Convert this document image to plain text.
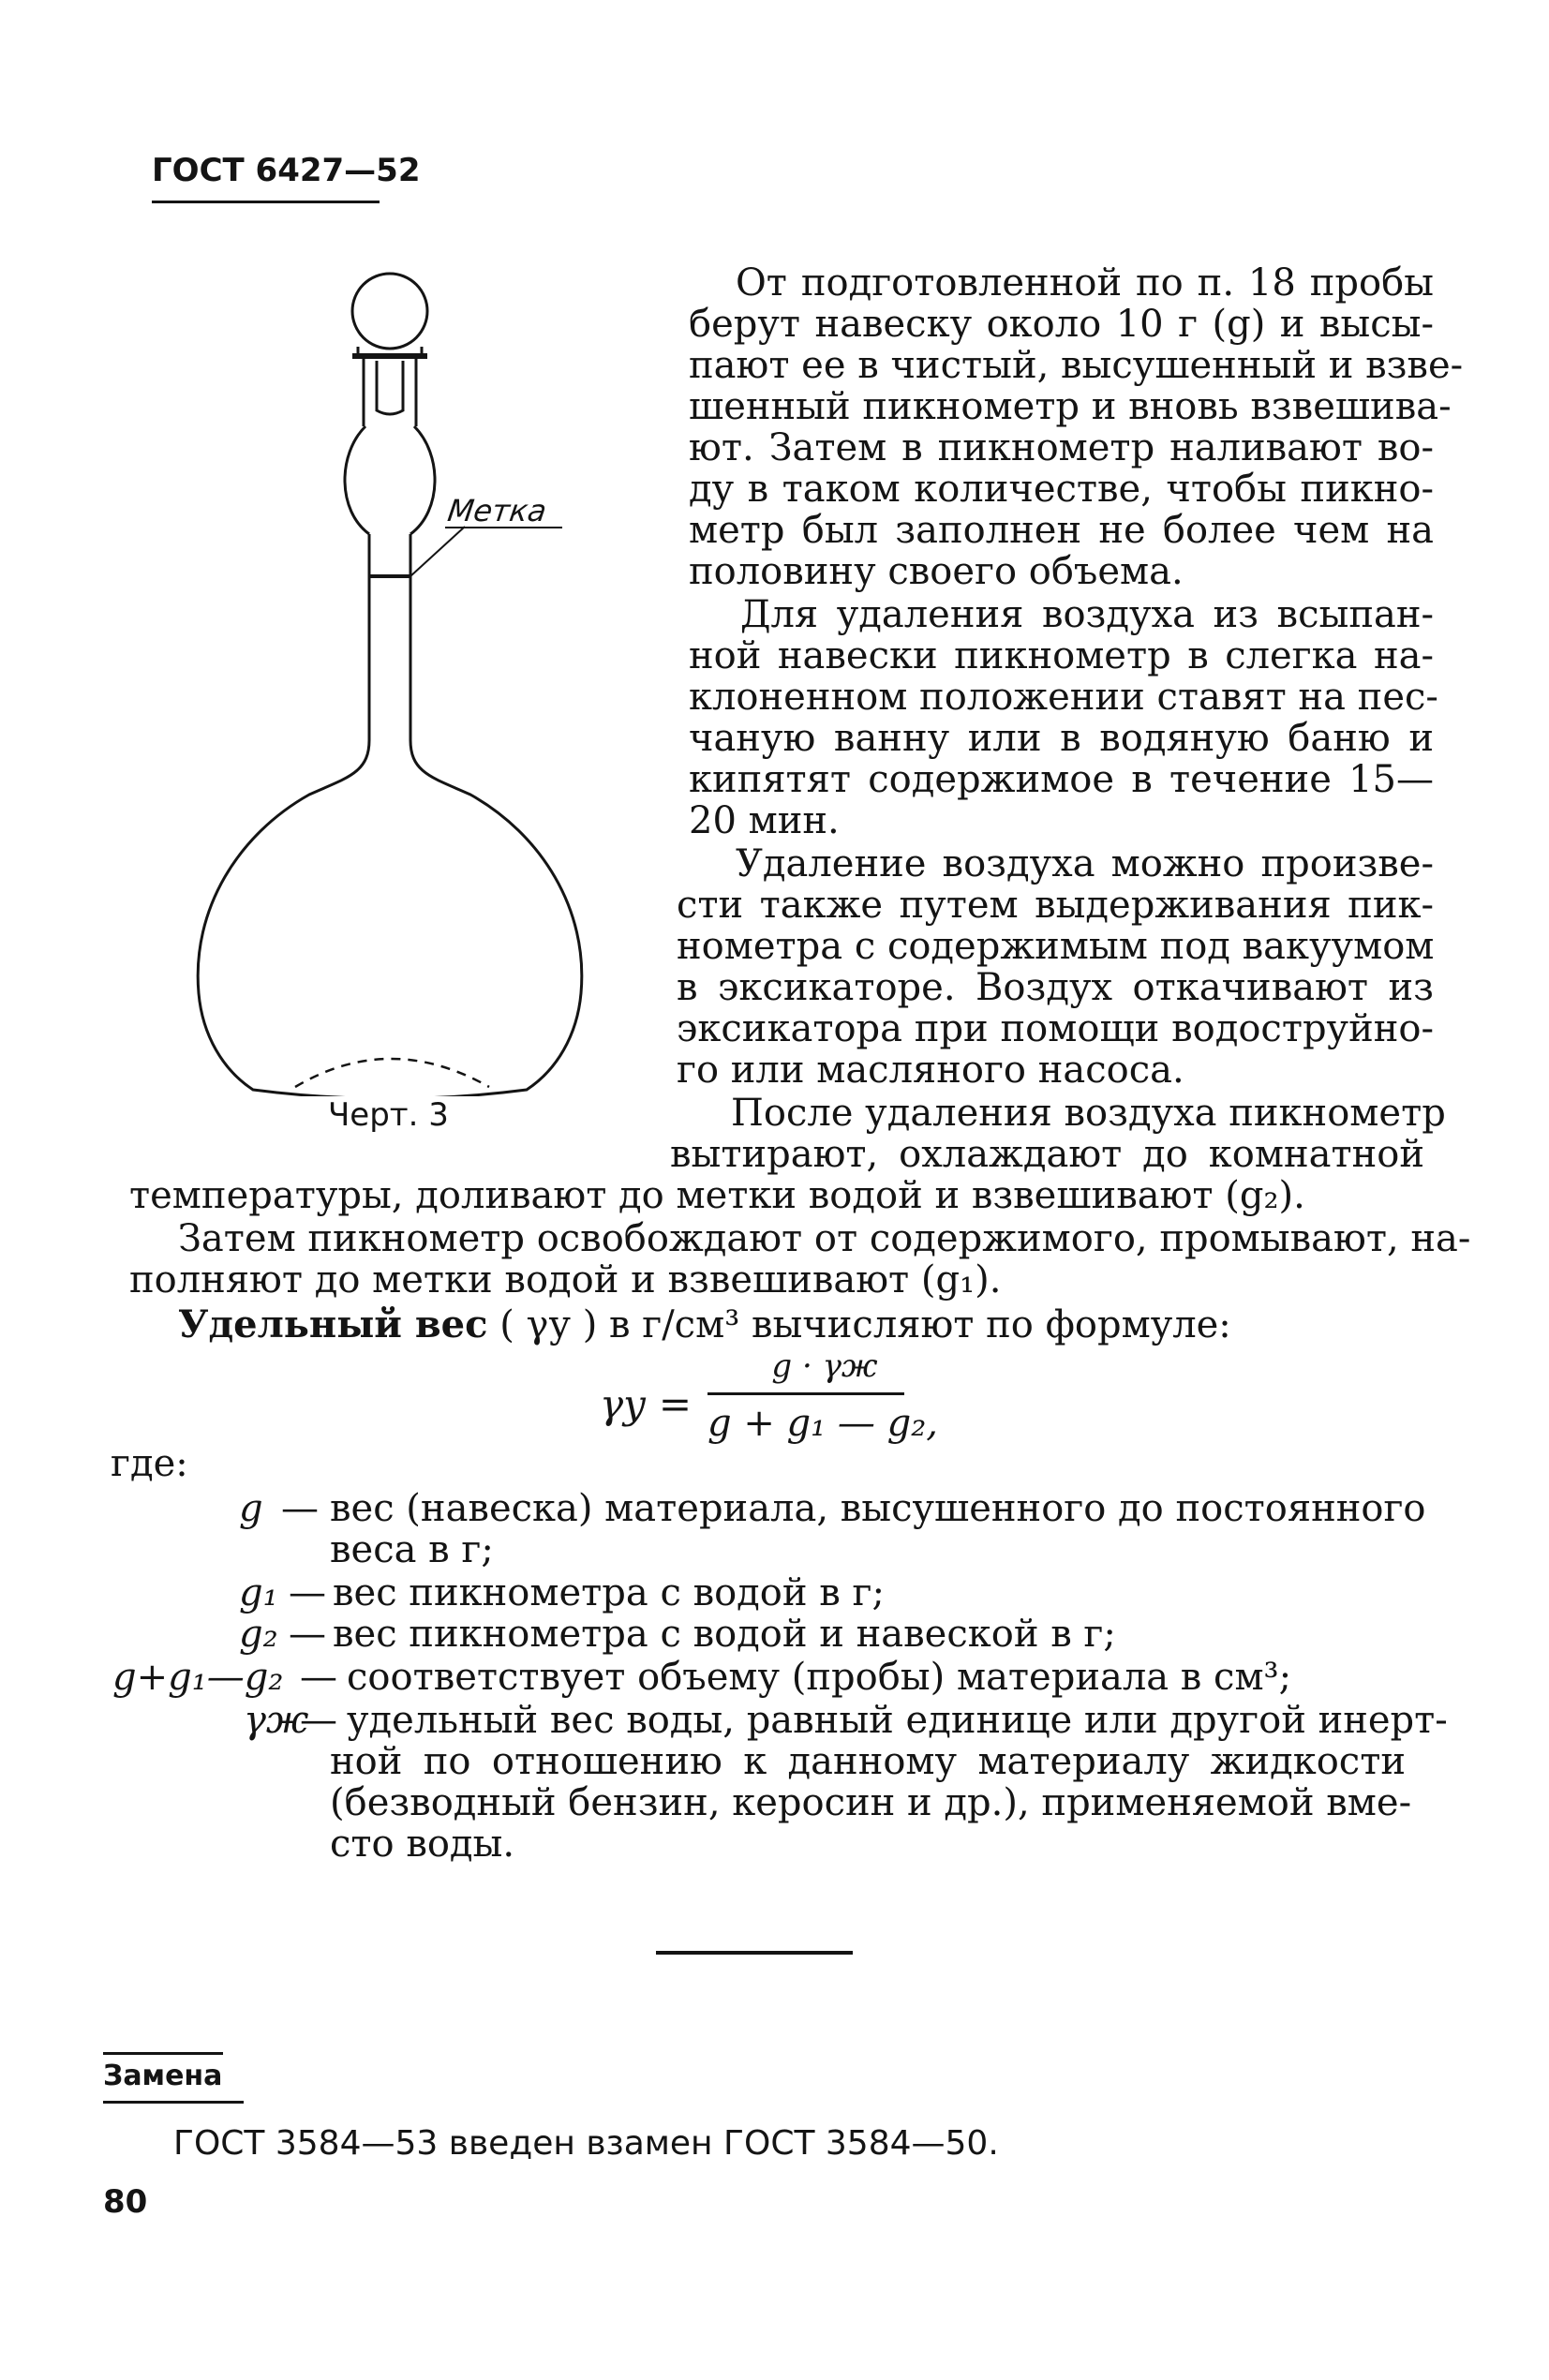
ГОСТ 6427—52
Метка
Черт. 3
От подготовленной по п. 18 пробы
берут навеску около 10 г (g) и высы-
пают ее в чистый, высушенный и взве-
шенный пикнометр и вновь взвешива-
ют. Затем в пикнометр наливают во-
ду в таком количестве, чтобы пикно-
метр был заполнен не более чем на
половину своего объема.
Для удаления воздуха из всыпан-
ной навески пикнометр в слегка на-
клоненном положении ставят на пес-
чаную ванну или в водяную баню и
кипятят содержимое в течение 15—
20 мин.
Удаление воздуха можно произве-
сти также путем выдерживания пик-
нометра с содержимым под вакуумом
в эксикаторе. Воздух откачивают из
эксикатора при помощи водоструйно-
го или масляного насоса.
После удаления воздуха пикнометр
вытирают, охлаждают до комнатной
температуры, доливают до метки водой и взвешивают (g₂).
Затем пикнометр освобождают от содержимого, промывают, на-
полняют до метки водой и взвешивают (g₁).
Удельный вес ( γу ) в г/см³ вычисляют по формуле:
γу =
g · γж
g + g₁ — g₂,
где:
g — вес (навеска) материала, высушенного до постоянного
веса в г;
g₁ — вес пикнометра с водой в г;
g₂ — вес пикнометра с водой и навеской в г;
g+g₁—g₂ — соответствует объему (пробы) материала в см³;
γж
— удельный вес воды, равный единице или другой инерт-
ной по отношению к данному материалу жидкости
(безводный бензин, керосин и др.), применяемой вме-
сто воды.
Замена
ГОСТ 3584—53 введен взамен ГОСТ 3584—50.
80
